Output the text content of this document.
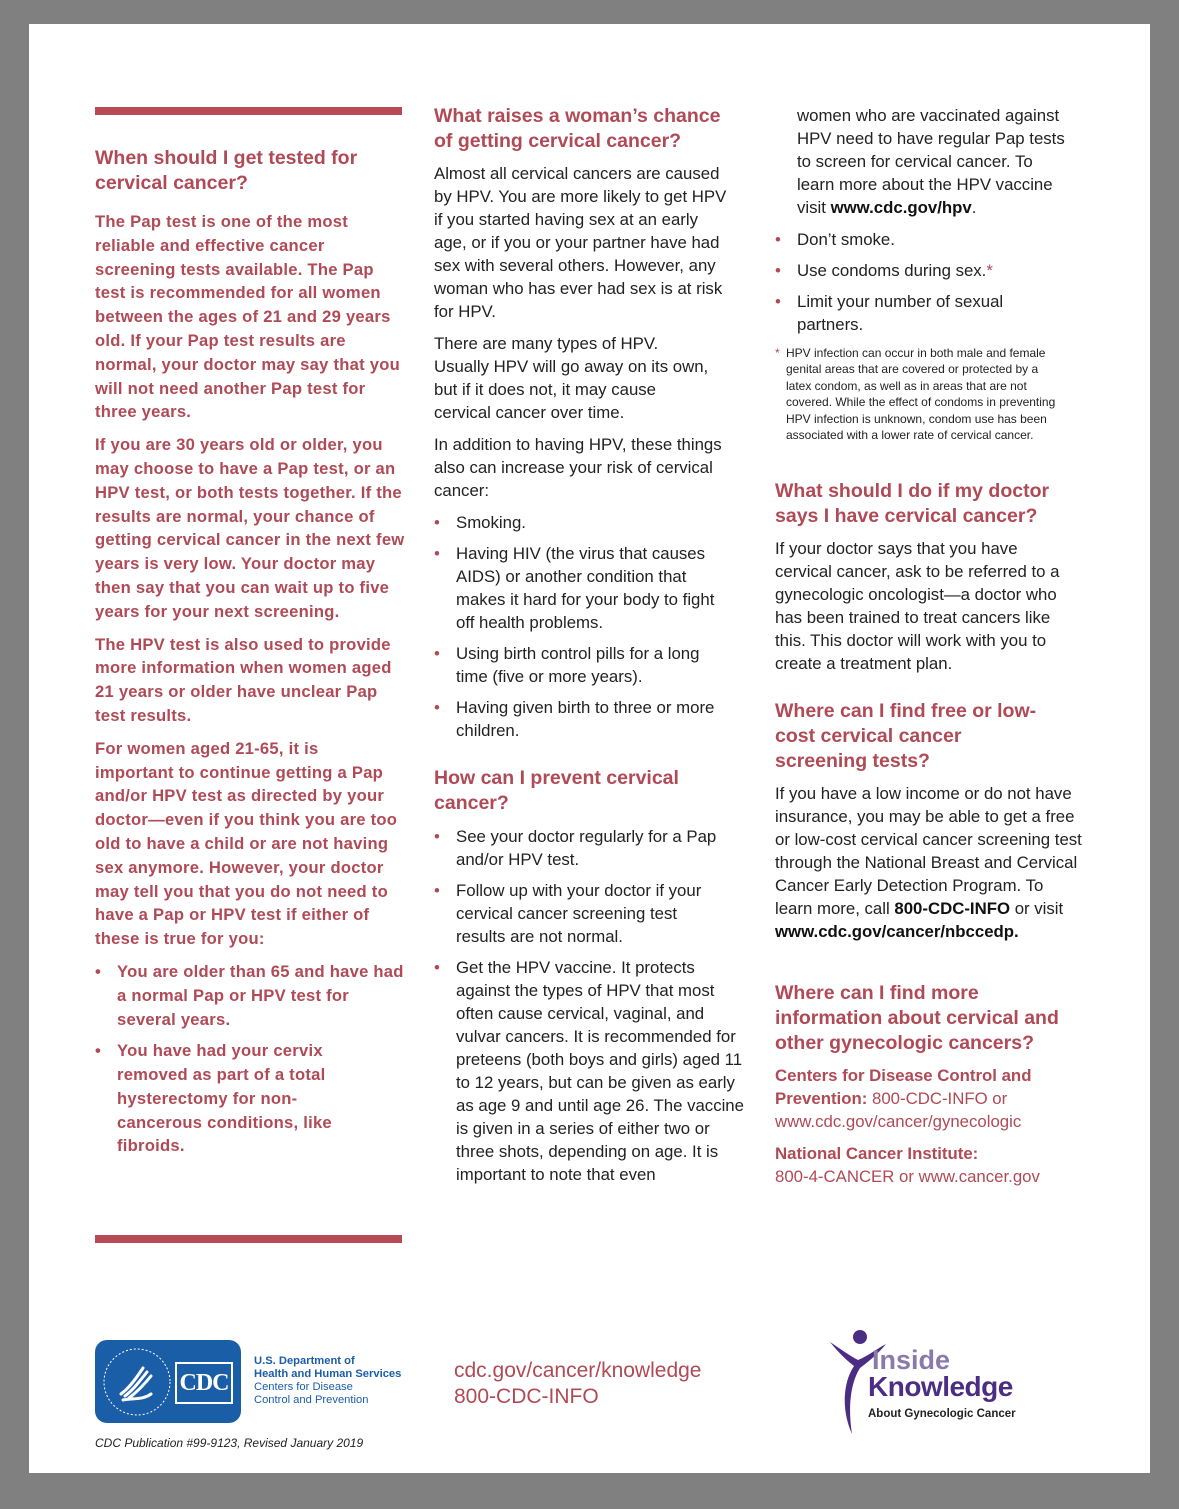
When should I get tested for cervical cancer?

The Pap test is one of the most reliable and effective cancer screening tests available. The Pap test is recommended for all women between the ages of 21 and 29 years old. If your Pap test results are normal, your doctor may say that you will not need another Pap test for three years.

If you are 30 years old or older, you may choose to have a Pap test, or an HPV test, or both tests together. If the results are normal, your chance of getting cervical cancer in the next few years is very low. Your doctor may then say that you can wait up to five years for your next screening.

The HPV test is also used to provide more information when women aged 21 years or older have unclear Pap test results.

For women aged 21-65, it is important to continue getting a Pap and/or HPV test as directed by your doctor—even if you think you are too old to have a child or are not having sex anymore. However, your doctor may tell you that you do not need to have a Pap or HPV test if either of these is true for you:

• You are older than 65 and have had a normal Pap or HPV test for several years.
• You have had your cervix removed as part of a total hysterectomy for non-cancerous conditions, like fibroids.
What raises a woman’s chance of getting cervical cancer?

Almost all cervical cancers are caused by HPV. You are more likely to get HPV if you started having sex at an early age, or if you or your partner have had sex with several others. However, any woman who has ever had sex is at risk for HPV.

There are many types of HPV. Usually HPV will go away on its own, but if it does not, it may cause cervical cancer over time.

In addition to having HPV, these things also can increase your risk of cervical cancer:

• Smoking.
• Having HIV (the virus that causes AIDS) or another condition that makes it hard for your body to fight off health problems.
• Using birth control pills for a long time (five or more years).
• Having given birth to three or more children.
How can I prevent cervical cancer?
• See your doctor regularly for a Pap and/or HPV test.
• Follow up with your doctor if your cervical cancer screening test results are not normal.
• Get the HPV vaccine. It protects against the types of HPV that most often cause cervical, vaginal, and vulvar cancers. It is recommended for preteens (both boys and girls) aged 11 to 12 years, but can be given as early as age 9 and until age 26. The vaccine is given in a series of either two or three shots, depending on age. It is important to note that even

women who are vaccinated against HPV need to have regular Pap tests to screen for cervical cancer. To learn more about the HPV vaccine visit www.cdc.gov/hpv.

• Don’t smoke.
• Use condoms during sex.*
• Limit your number of sexual partners.
* HPV infection can occur in both male and female genital areas that are covered or protected by a latex condom, as well as in areas that are not covered. While the effect of condoms in preventing HPV infection is unknown, condom use has been associated with a lower rate of cervical cancer.
What should I do if my doctor says I have cervical cancer?

If your doctor says that you have cervical cancer, ask to be referred to a gynecologic oncologist—a doctor who has been trained to treat cancers like this. This doctor will work with you to create a treatment plan.

Where can I find free or low-cost cervical cancer screening tests?

If you have a low income or do not have insurance, you may be able to get a free or low-cost cervical cancer screening test through the National Breast and Cervical Cancer Early Detection Program. To learn more, call 800-CDC-INFO or visit www.cdc.gov/cancer/nbccedp.

Where can I find more information about cervical and other gynecologic cancers?

Centers for Disease Control and Prevention: 800-CDC-INFO or www.cdc.gov/cancer/gynecologic

National Cancer Institute:
800-4-CANCER or www.cancer.gov

CDC
U.S. Department of
Health and Human Services
Centers for Disease
Control and Prevention
CDC Publication #99-9123, Revised January 2019
cdc.gov/cancer/knowledge
800-CDC-INFO
Inside
Knowledge
About Gynecologic Cancer
